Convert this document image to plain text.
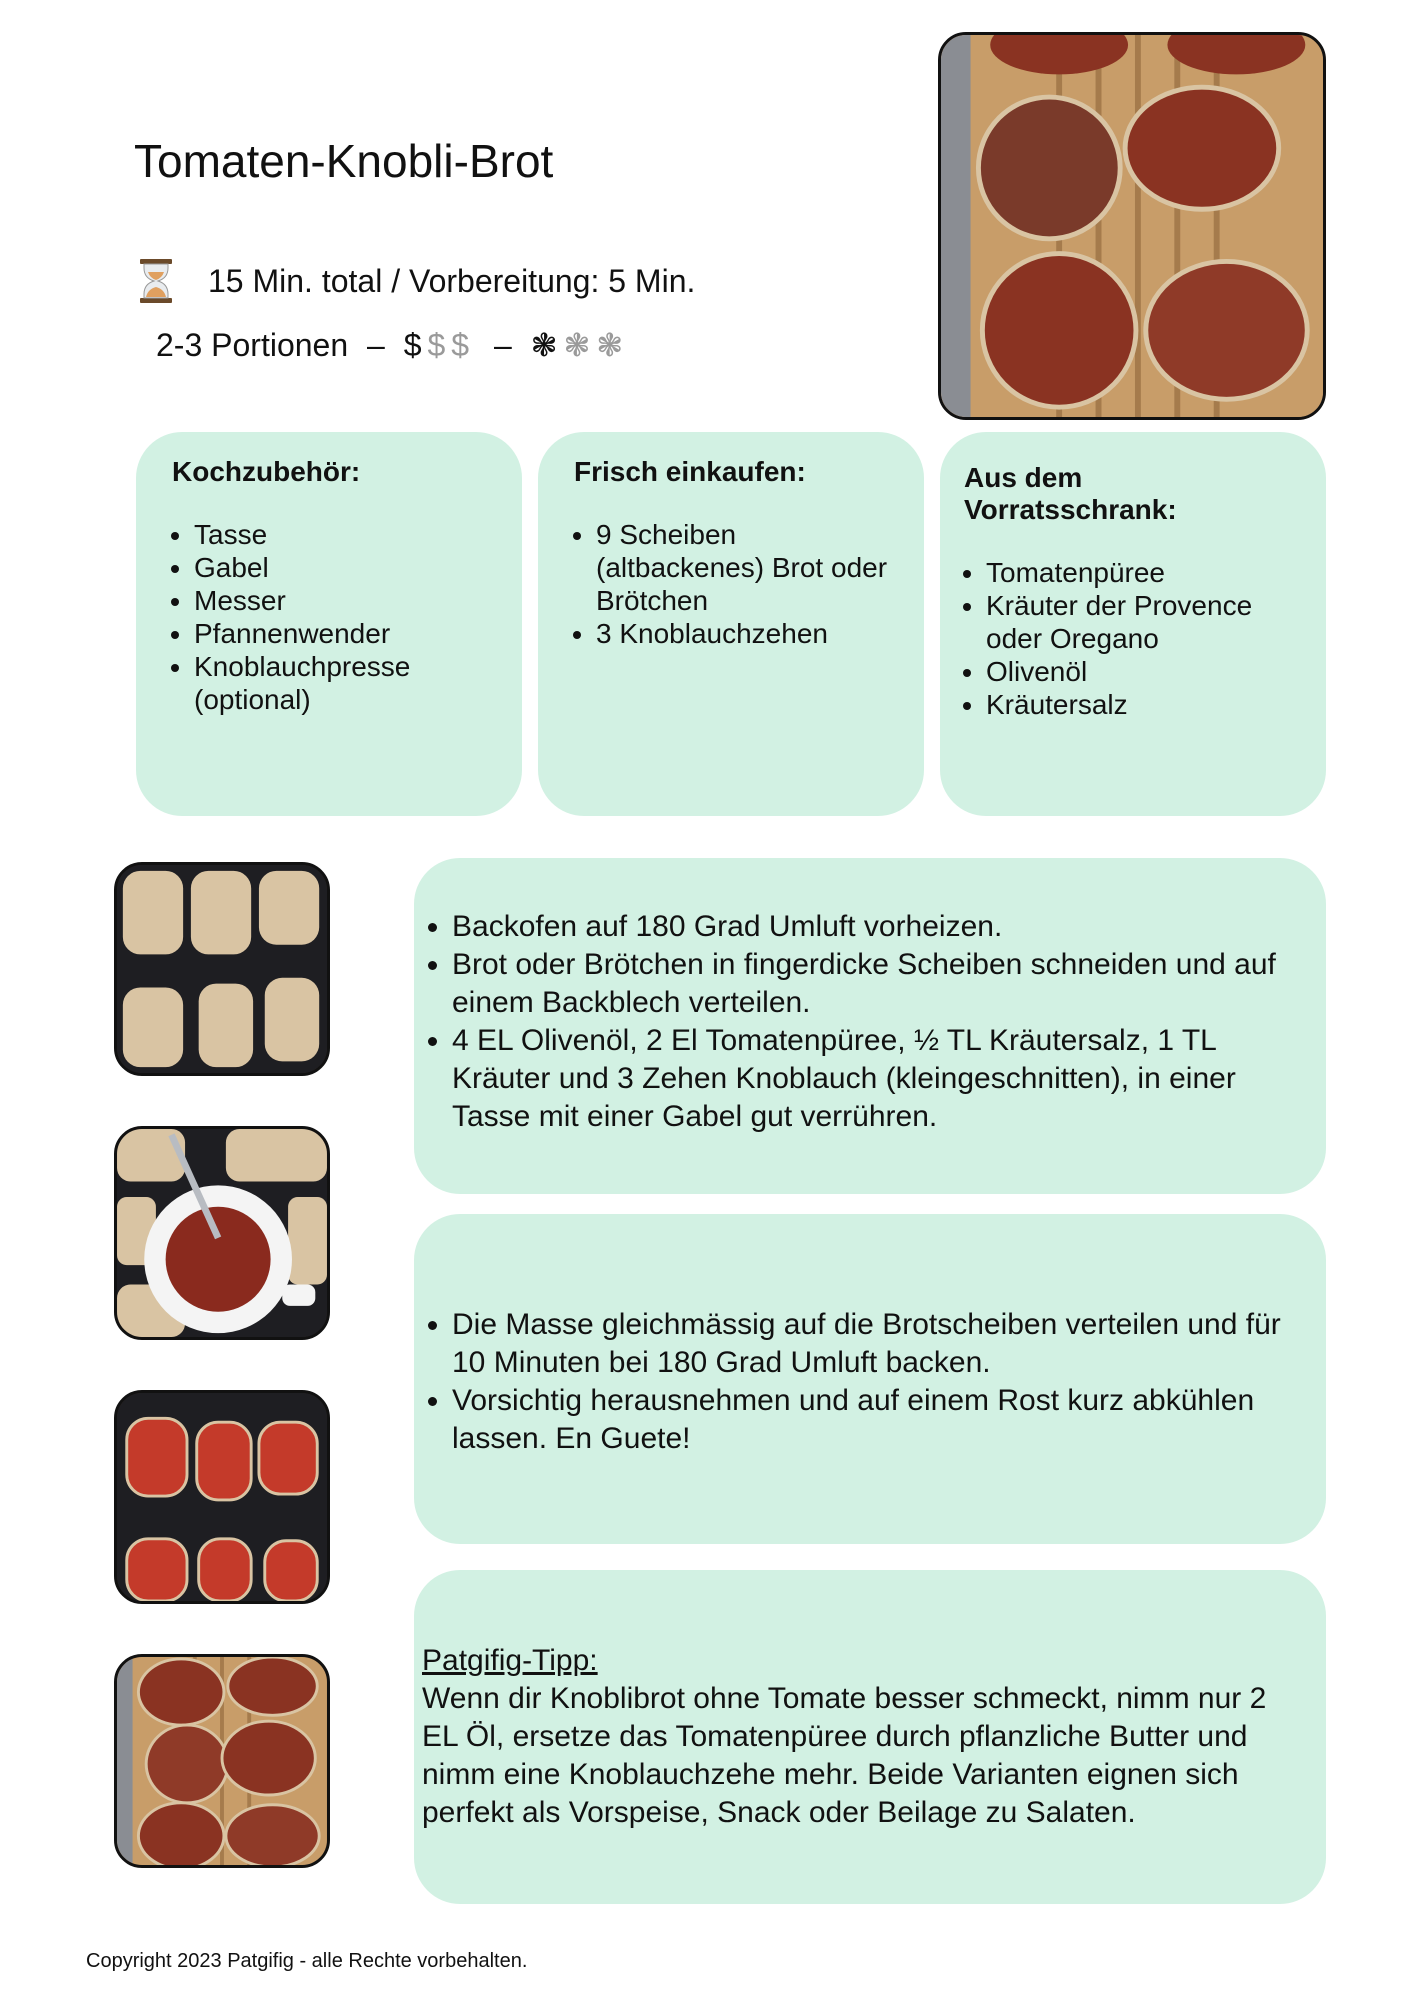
Tomaten-Knobli-Brot
15 Min. total / Vorbereitung: 5 Min.
2-3 Portionen – $ $ $ – ❃ ❃ ❃
Kochzubehör:
• Tasse
• Gabel
• Messer
• Pfannenwender
• Knoblauchpresse (optional)
Frisch einkaufen:
• 9 Scheiben (altbackenes) Brot oder Brötchen
• 3 Knoblauchzehen
Aus dem Vorratsschrank:
• Tomatenpüree
• Kräuter der Provence oder Oregano
• Olivenöl
• Kräutersalz
• Backofen auf 180 Grad Umluft vorheizen.
• Brot oder Brötchen in fingerdicke Scheiben schneiden und auf einem Backblech verteilen.
• 4 EL Olivenöl, 2 El Tomatenpüree, ½ TL Kräutersalz, 1 TL Kräuter und 3 Zehen Knoblauch (kleingeschnitten), in einer Tasse mit einer Gabel gut verrühren.
• Die Masse gleichmässig auf die Brotscheiben verteilen und für 10 Minuten bei 180 Grad Umluft backen.
• Vorsichtig herausnehmen und auf einem Rost kurz abkühlen lassen. En Guete!
Patgifig-Tipp:
Wenn dir Knoblibrot ohne Tomate besser schmeckt, nimm nur 2 EL Öl, ersetze das Tomatenpüree durch pflanzliche Butter und nimm eine Knoblauchzehe mehr. Beide Varianten eignen sich perfekt als Vorspeise, Snack oder Beilage zu Salaten.
Copyright 2023 Patgifig - alle Rechte vorbehalten.
